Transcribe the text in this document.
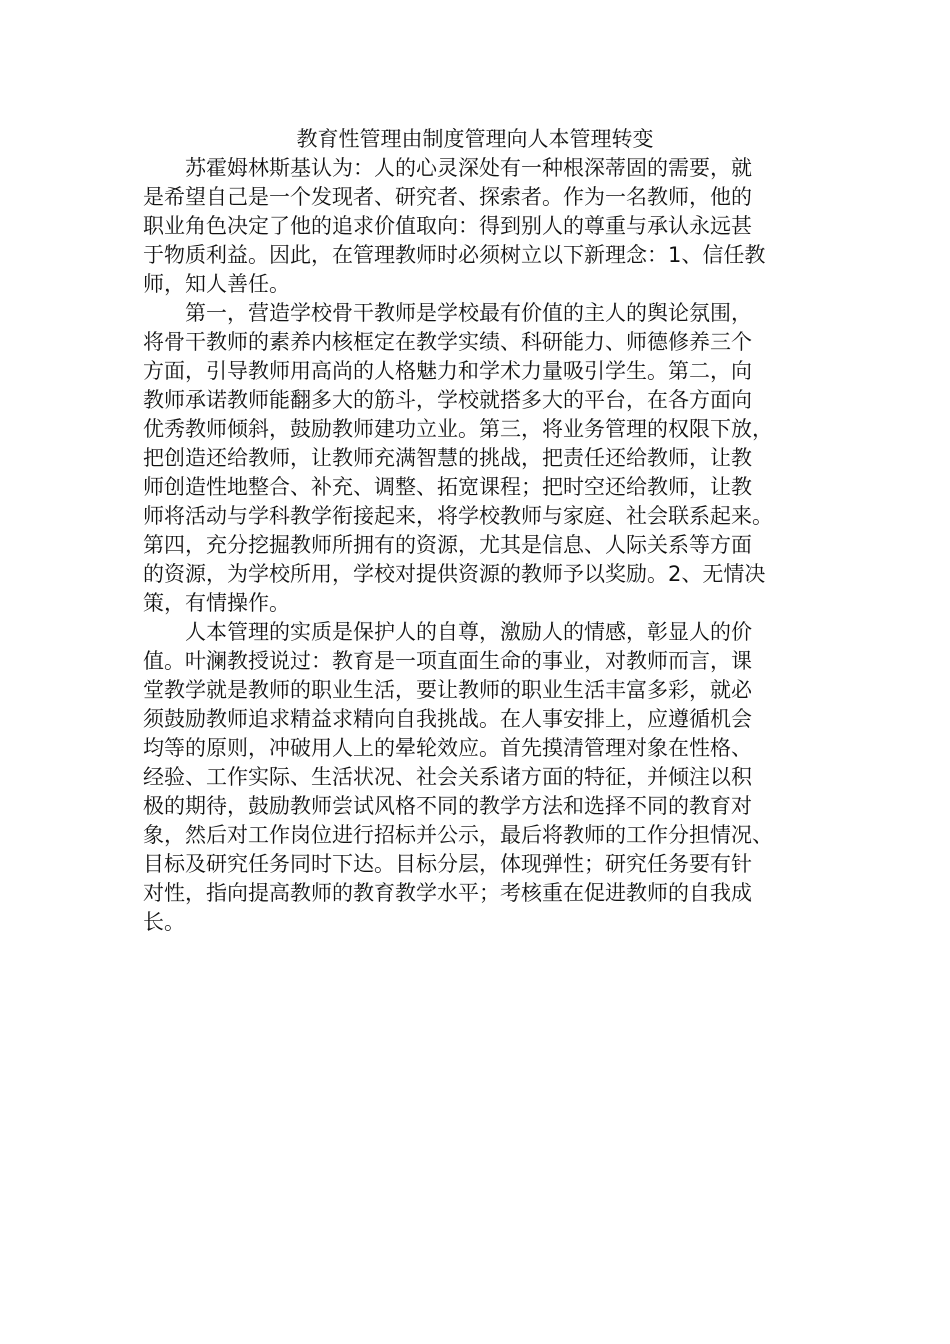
教育性管理由制度管理向人本管理转变

苏霍姆林斯基认为：人的心灵深处有一种根深蒂固的需要，就
是希望自己是一个发现者、研究者、探索者。作为一名教师，他的
职业角色决定了他的追求价值取向：得到别人的尊重与承认永远甚
于物质利益。因此，在管理教师时必须树立以下新理念：1、信任教
师，知人善任。

第一，营造学校骨干教师是学校最有价值的主人的舆论氛围，
将骨干教师的素养内核框定在教学实绩、科研能力、师德修养三个
方面，引导教师用高尚的人格魅力和学术力量吸引学生。第二，向
教师承诺教师能翻多大的筋斗，学校就搭多大的平台，在各方面向
优秀教师倾斜，鼓励教师建功立业。第三，将业务管理的权限下放，
把创造还给教师，让教师充满智慧的挑战，把责任还给教师，让教
师创造性地整合、补充、调整、拓宽课程；把时空还给教师，让教
师将活动与学科教学衔接起来，将学校教师与家庭、社会联系起来。
第四，充分挖掘教师所拥有的资源，尤其是信息、人际关系等方面
的资源，为学校所用，学校对提供资源的教师予以奖励。2、无情决
策，有情操作。

人本管理的实质是保护人的自尊，激励人的情感，彰显人的价
值。叶澜教授说过：教育是一项直面生命的事业，对教师而言，课
堂教学就是教师的职业生活，要让教师的职业生活丰富多彩，就必
须鼓励教师追求精益求精向自我挑战。在人事安排上，应遵循机会
均等的原则，冲破用人上的晕轮效应。首先摸清管理对象在性格、
经验、工作实际、生活状况、社会关系诸方面的特征，并倾注以积
极的期待，鼓励教师尝试风格不同的教学方法和选择不同的教育对
象，然后对工作岗位进行招标并公示，最后将教师的工作分担情况、
目标及研究任务同时下达。目标分层，体现弹性；研究任务要有针
对性，指向提高教师的教育教学水平；考核重在促进教师的自我成
长。
